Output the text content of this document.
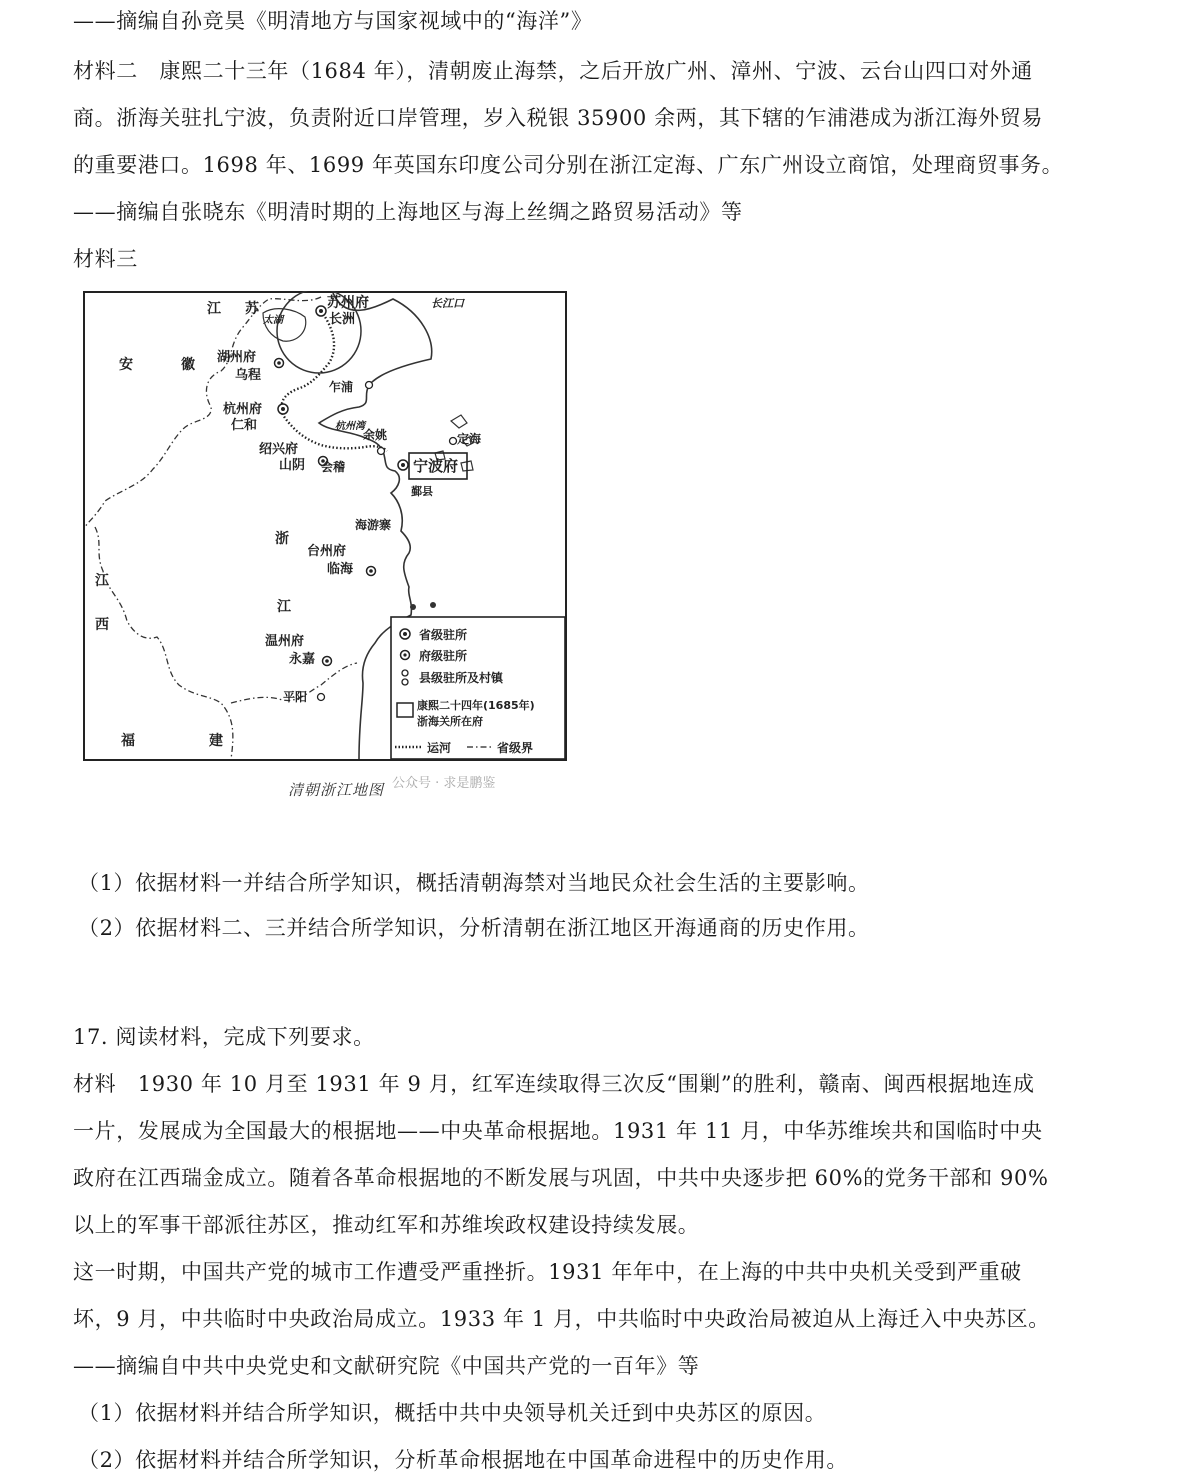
——摘编自孙竞昊《明清地方与国家视域中的“海洋”》
材料二　康熙二十三年（1684 年），清朝废止海禁，之后开放广州、漳州、宁波、云台山四口对外通
商。浙海关驻扎宁波，负责附近口岸管理，岁入税银 35900 余两，其下辖的乍浦港成为浙江海外贸易
的重要港口。1698 年、1699 年英国东印度公司分别在浙江定海、广东广州设立商馆，处理商贸事务。
——摘编自张晓东《明清时期的上海地区与海上丝绸之路贸易活动》等
材料三
江 苏	苏州府
长洲
太湖
长江口
安	徽 湖州府
乌程
乍浦
杭州府
仁和	杭州湾
余姚	定海
绍兴府
山阴 会稽	宁波府
鄞县
海游寨
浙
台州府
临海
江
江
西
温州府
永嘉
平阳
福	建
省级驻所
府级驻所
县级驻所及村镇
康熙二十四年(1685年)
浙海关所在府
运河	省级界
清朝浙江地图 公众号 · 求是鹏鉴
（1）依据材料一并结合所学知识，概括清朝海禁对当地民众社会生活的主要影响。
（2）依据材料二、三并结合所学知识，分析清朝在浙江地区开海通商的历史作用。
17. 阅读材料，完成下列要求。
材料　1930 年 10 月至 1931 年 9 月，红军连续取得三次反“围剿”的胜利，赣南、闽西根据地连成
一片，发展成为全国最大的根据地——中央革命根据地。1931 年 11 月，中华苏维埃共和国临时中央
政府在江西瑞金成立。随着各革命根据地的不断发展与巩固，中共中央逐步把 60%的党务干部和 90%
以上的军事干部派往苏区，推动红军和苏维埃政权建设持续发展。
这一时期，中国共产党的城市工作遭受严重挫折。1931 年年中，在上海的中共中央机关受到严重破
坏，9 月，中共临时中央政治局成立。1933 年 1 月，中共临时中央政治局被迫从上海迁入中央苏区。
——摘编自中共中央党史和文献研究院《中国共产党的一百年》等
（1）依据材料并结合所学知识，概括中共中央领导机关迁到中央苏区的原因。
（2）依据材料并结合所学知识，分析革命根据地在中国革命进程中的历史作用。
